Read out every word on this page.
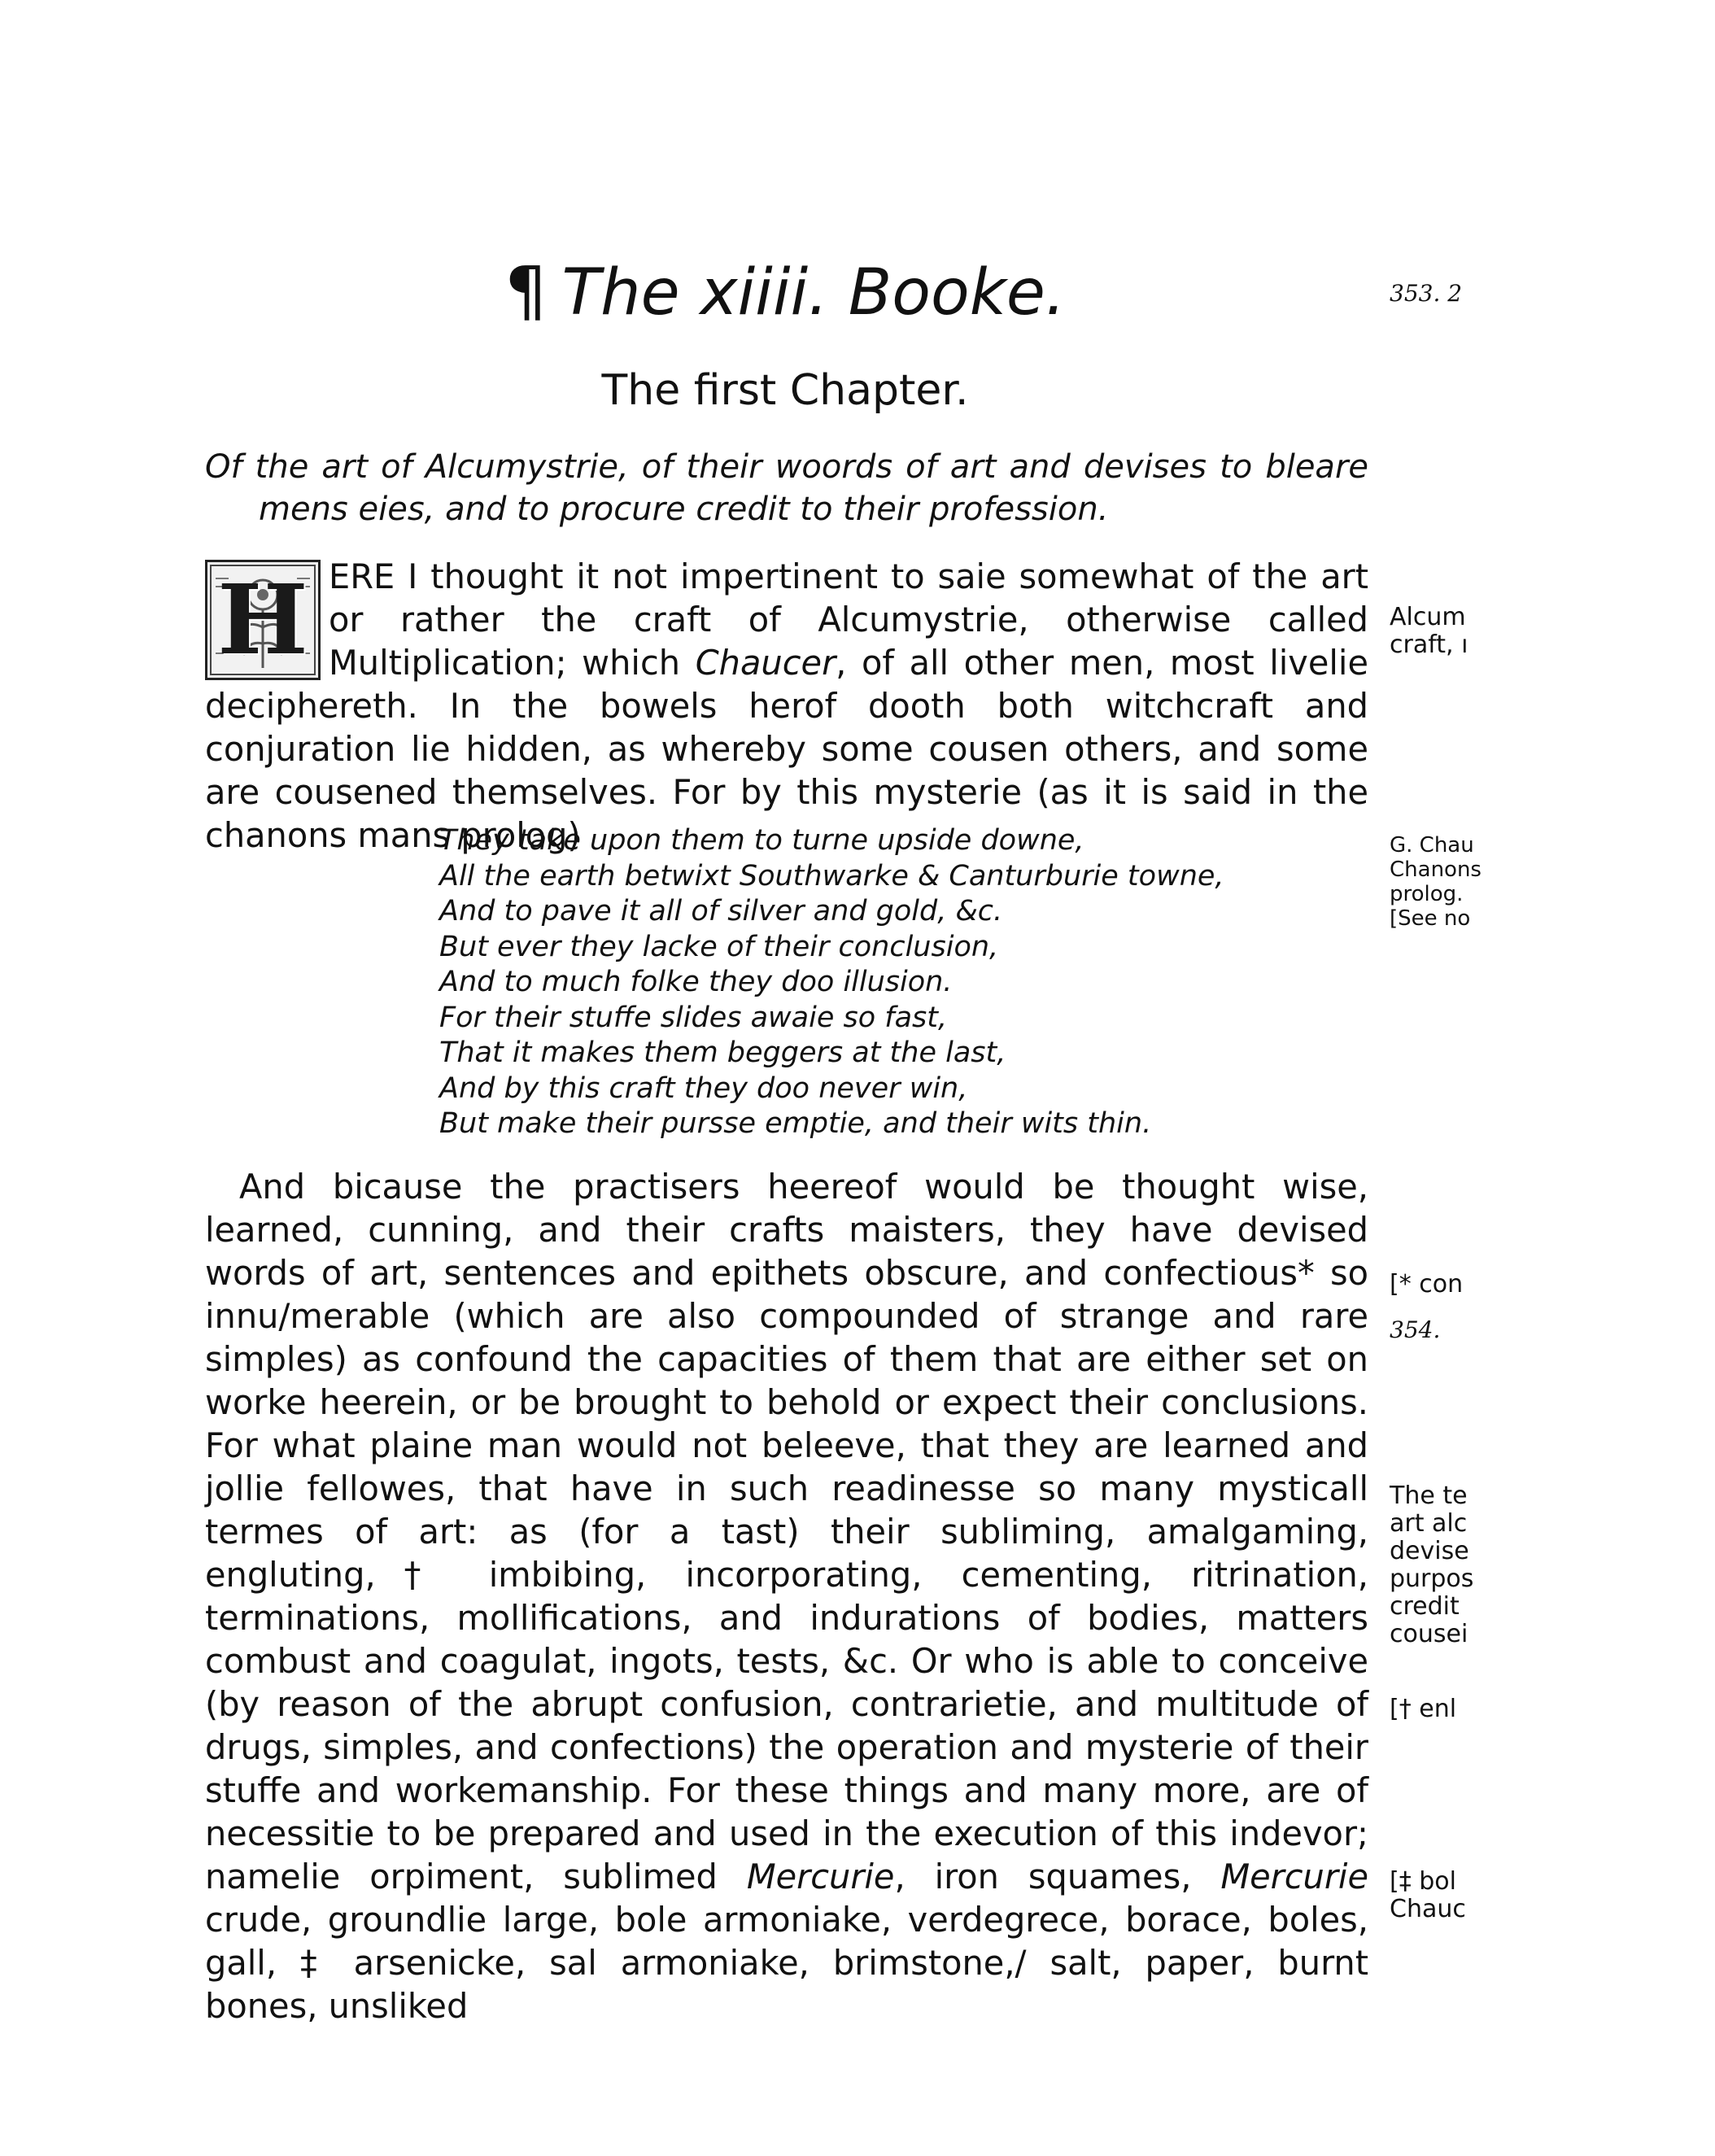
¶ The xiiii. Booke.
The first Chapter.
Of the art of Alcumystrie, of their woords of art and devises to bleare mens eies, and to procure credit to their profession.

H ERE I thought it not impertinent to saie somewhat of the art or rather the craft of Alcumystrie, otherwise called Multiplication; which Chaucer, of all other men, most livelie deciphereth. In the bowels herof dooth both witchcraft and conjuration lie hidden, as whereby some cousen others, and some are cousened themselves. For by this mysterie (as it is said in the chanons mans prolog)

They take upon them to turne upside downe,
All the earth betwixt Southwarke & Canturburie towne,
And to pave it all of silver and gold, &c.
But ever they lacke of their conclusion,
And to much folke they doo illusion.
For their stuffe slides awaie so fast,
That it makes them beggers at the last,
And by this craft they doo never win,
But make their pursse emptie, and their wits thin.

And bicause the practisers heereof would be thought wise, learned, cunning, and their crafts maisters, they have devised words of art, sentences and epithets obscure, and confectious* so innu/merable (which are also compounded of strange and rare simples) as confound the capacities of them that are either set on worke heerein, or be brought to behold or expect their conclusions. For what plaine man would not beleeve, that they are learned and jollie fellowes, that have in such readinesse so many mysticall termes of art: as (for a tast) their subliming, amalgaming, engluting,† imbibing, incorporating, cementing, ritrination, terminations, mollifications, and indurations of bodies, matters combust and coagulat, ingots, tests, &c. Or who is able to conceive (by reason of the abrupt confusion, contrarietie, and multitude of drugs, simples, and confections) the operation and mysterie of their stuffe and workemanship. For these things and many more, are of necessitie to be prepared and used in the execution of this indevor; namelie orpiment, sublimed Mercurie, iron squames, Mercurie crude, groundlie large, bole armoniake, verdegrece, borace, boles, gall, ‡ arsenicke, sal armoniake, brimstone,/ salt, paper, burnt bones, unsliked

353. 2
Alcum
craft, ı
G. Chau
Chanons
prolog.
[See no
[* con
354.
The te
art alc
devise
purpos
credit
cousei
[† enl
[‡ bol
Chauc
